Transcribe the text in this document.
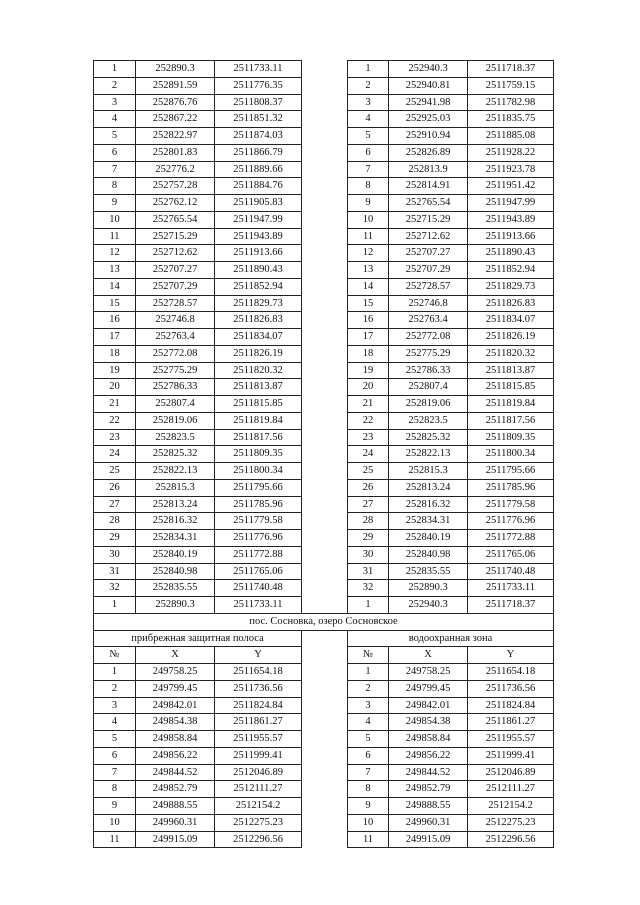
1	252890.3	2511733.11		1	252940.3	2511718.37
2	252891.59	2511776.35		2	252940.81	2511759.15
3	252876.76	2511808.37		3	252941.98	2511782.98
4	252867.22	2511851.32		4	252925.03	2511835.75
5	252822.97	2511874.03		5	252910.94	2511885.08
6	252801.83	2511866.79		6	252826.89	2511928.22
7	252776.2	2511889.66		7	252813.9	2511923.78
8	252757.28	2511884.76		8	252814.91	2511951.42
9	252762.12	2511905.83		9	252765.54	2511947.99
10	252765.54	2511947.99		10	252715.29	2511943.89
11	252715.29	2511943.89		11	252712.62	2511913.66
12	252712.62	2511913.66		12	252707.27	2511890.43
13	252707.27	2511890.43		13	252707.29	2511852.94
14	252707.29	2511852.94		14	252728.57	2511829.73
15	252728.57	2511829.73		15	252746.8	2511826.83
16	252746.8	2511826.83		16	252763.4	2511834.07
17	252763.4	2511834.07		17	252772.08	2511826.19
18	252772.08	2511826.19		18	252775.29	2511820.32
19	252775.29	2511820.32		19	252786.33	2511813.87
20	252786.33	2511813.87		20	252807.4	2511815.85
21	252807.4	2511815.85		21	252819.06	2511819.84
22	252819.06	2511819.84		22	252823.5	2511817.56
23	252823.5	2511817.56		23	252825.32	2511809.35
24	252825.32	2511809.35		24	252822.13	2511800.34
25	252822.13	2511800.34		25	252815.3	2511795.66
26	252815.3	2511795.66		26	252813.24	2511785.96
27	252813.24	2511785.96		27	252816.32	2511779.58
28	252816.32	2511779.58		28	252834.31	2511776.96
29	252834.31	2511776.96		29	252840.19	2511772.88
30	252840.19	2511772.88		30	252840.98	2511765.06
31	252840.98	2511765.06		31	252835.55	2511740.48
32	252835.55	2511740.48		32	252890.3	2511733.11
1	252890.3	2511733.11		1	252940.3	2511718.37
пос. Сосновка, озеро Сосновское						
прибрежная защитная полоса				водоохранная зона		
№	X	Y		№	X	Y
1	249758.25	2511654.18		1	249758.25	2511654.18
2	249799.45	2511736.56		2	249799.45	2511736.56
3	249842.01	2511824.84		3	249842.01	2511824.84
4	249854.38	2511861.27		4	249854.38	2511861.27
5	249858.84	2511955.57		5	249858.84	2511955.57
6	249856.22	2511999.41		6	249856.22	2511999.41
7	249844.52	2512046.89		7	249844.52	2512046.89
8	249852.79	2512111.27		8	249852.79	2512111.27
9	249888.55	2512154.2		9	249888.55	2512154.2
10	249960.31	2512275.23		10	249960.31	2512275.23
11	249915.09	2512296.56		11	249915.09	2512296.56
